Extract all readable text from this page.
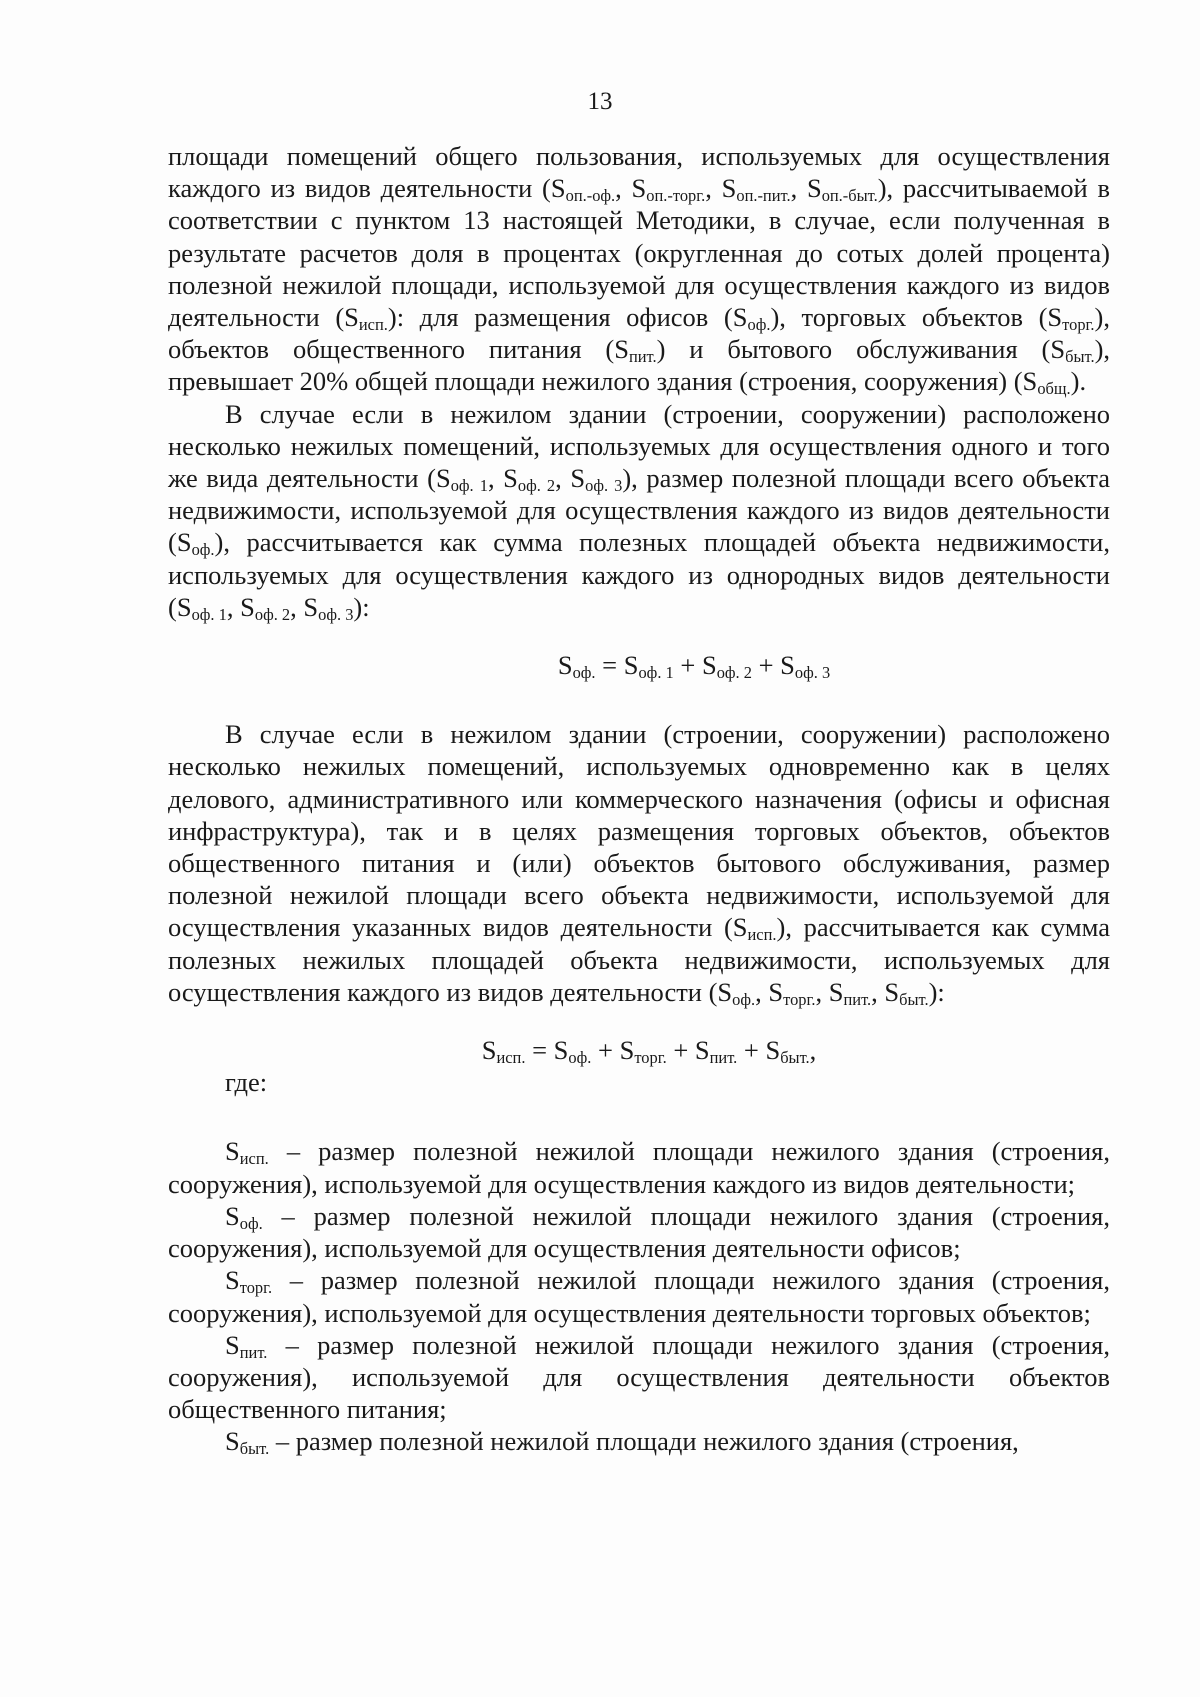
13

площади помещений общего пользования, используемых для осуществления каждого из видов деятельности ($S_{оп.-оф.}$, $S_{оп.-торг.}$, $S_{оп.-пит.}$, $S_{оп.-быт.}$), рассчитываемой в соответствии с пунктом 13 настоящей Методики, в случае, если полученная в результате расчетов доля в процентах (округленная до сотых долей процента) полезной нежилой площади, используемой для осуществления каждого из видов деятельности $(S_{исп.})$: для размещения офисов $(S_{оф.})$, торговых объектов $(S_{торг.})$, объектов общественного питания $(S_{пит.})$ и бытового обслуживания $(S_{быт.})$, превышает 20% общей площади нежилого здания (строения, сооружения) $(S_{общ.})$.

В случае если в нежилом здании (строении, сооружении) расположено несколько нежилых помещений, используемых для осуществления одного и того же вида деятельности ($S_{оф. 1}$, $S_{оф. 2}$, $S_{оф. 3}$), размер полезной площади всего объекта недвижимости, используемой для осуществления каждого из видов деятельности $(S_{оф.})$, рассчитывается как сумма полезных площадей объекта недвижимости, используемых для осуществления каждого из однородных видов деятельности ($S_{оф. 1}$, $S_{оф. 2}$, $S_{оф. 3}$):

$S_{оф.} = S_{оф. 1} + S_{оф. 2} + S_{оф. 3}$

В случае если в нежилом здании (строении, сооружении) расположено несколько нежилых помещений, используемых одновременно как в целях делового, административного или коммерческого назначения (офисы и офисная инфраструктура), так и в целях размещения торговых объектов, объектов общественного питания и (или) объектов бытового обслуживания, размер полезной нежилой площади всего объекта недвижимости, используемой для осуществления указанных видов деятельности $(S_{исп.})$, рассчитывается как сумма полезных нежилых площадей объекта недвижимости, используемых для осуществления каждого из видов деятельности ($S_{оф.}$, $S_{торг.}$, $S_{пит.}$, $S_{быт.}$):

$S_{исп.} = S_{оф.} + S_{торг.} + S_{пит.} + S_{быт.}$,

где:

$S_{исп.}$ – размер полезной нежилой площади нежилого здания (строения, сооружения), используемой для осуществления каждого из видов деятельности;

$S_{оф.}$ – размер полезной нежилой площади нежилого здания (строения, сооружения), используемой для осуществления деятельности офисов;

$S_{торг.}$ – размер полезной нежилой площади нежилого здания (строения, сооружения), используемой для осуществления деятельности торговых объектов;

$S_{пит.}$ – размер полезной нежилой площади нежилого здания (строения, сооружения), используемой для осуществления деятельности объектов общественного питания;

$S_{быт.}$ – размер полезной нежилой площади нежилого здания (строения,
